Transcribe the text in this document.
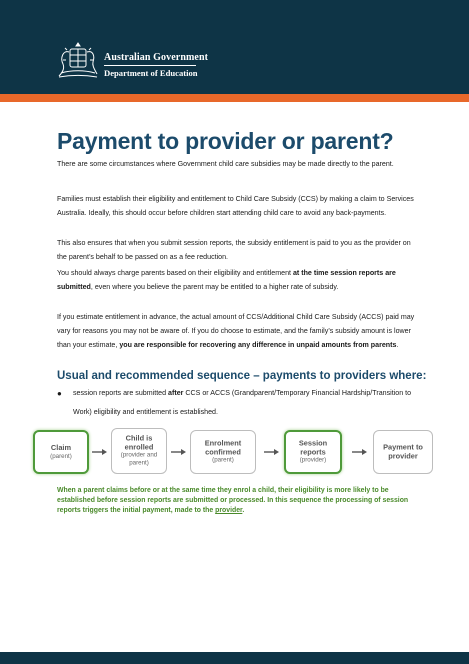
Australian Government
Department of Education
Payment to provider or parent?

There are some circumstances where Government child care subsidies may be made directly to the parent.

Families must establish their eligibility and entitlement to Child Care Subsidy (CCS) by making a claim to Services Australia. Ideally, this should occur before children start attending child care to avoid any back-payments.

This also ensures that when you submit session reports, the subsidy entitlement is paid to you as the provider on the parent’s behalf to be passed on as a fee reduction.

You should always charge parents based on their eligibility and entitlement at the time session reports are submitted, even where you believe the parent may be entitled to a higher rate of subsidy.

If you estimate entitlement in advance, the actual amount of CCS/Additional Child Care Subsidy (ACCS) paid may vary for reasons you may not be aware of. If you do choose to estimate, and the family’s subsidy amount is lower than your estimate, you are responsible for recovering any difference in unpaid amounts from parents.

Usual and recommended sequence – payments to providers where:
● session reports are submitted after CCS or ACCS (Grandparent/Temporary Financial Hardship/Transition to Work) eligibility and entitlement is established.
Claim
(parent)
Child is enrolled
(provider and parent)
Enrolment confirmed
(parent)
Session reports
(provider)
Payment to provider

When a parent claims before or at the same time they enrol a child, their eligibility is more likely to be established before session reports are submitted or processed. In this sequence the processing of session reports triggers the initial payment, made to the provider.
